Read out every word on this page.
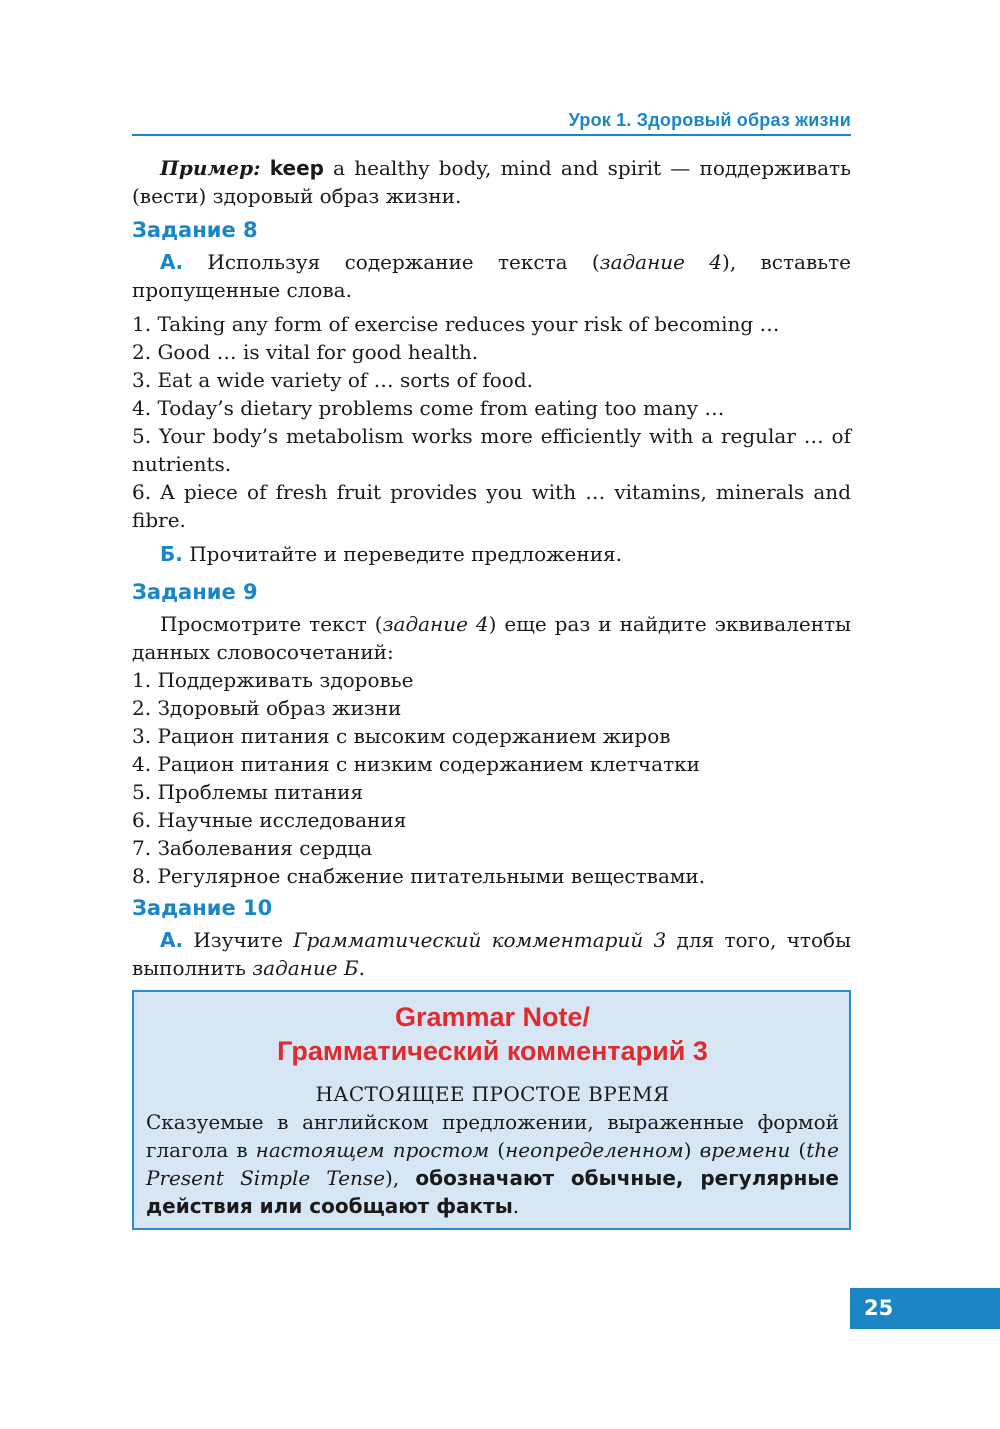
Урок 1. Здоровый образ жизни

Пример: keep a healthy body, mind and spirit — поддерживать (вести) здоровый образ жизни.

Задание 8

А. Используя содержание текста (задание 4), вставьте пропущенные слова.

1. Taking any form of exercise reduces your risk of becoming …
2. Good … is vital for good health.
3. Eat a wide variety of … sorts of food.
4. Today’s dietary problems come from eating too many …
5. Your body’s metabolism works more efficiently with a regular … of nutrients.
6. A piece of fresh fruit provides you with … vitamins, minerals and fibre.

Б. Прочитайте и переведите предложения.

Задание 9

Просмотрите текст (задание 4) еще раз и найдите эквиваленты данных словосочетаний:

1. Поддерживать здоровье
2. Здоровый образ жизни
3. Рацион питания с высоким содержанием жиров
4. Рацион питания с низким содержанием клетчатки
5. Проблемы питания
6. Научные исследования
7. Заболевания сердца
8. Регулярное снабжение питательными веществами.
Задание 10

А. Изучите Грамматический комментарий 3 для того, чтобы выполнить задание Б.

Grammar Note/
Грамматический комментарий 3
НАСТОЯЩЕЕ ПРОСТОЕ ВРЕМЯ
Сказуемые в английском предложении, выраженные формой глагола в настоящем простом (неопределенном) времени (the Present Simple Tense), обозначают обычные, регулярные действия или сообщают факты.
25
